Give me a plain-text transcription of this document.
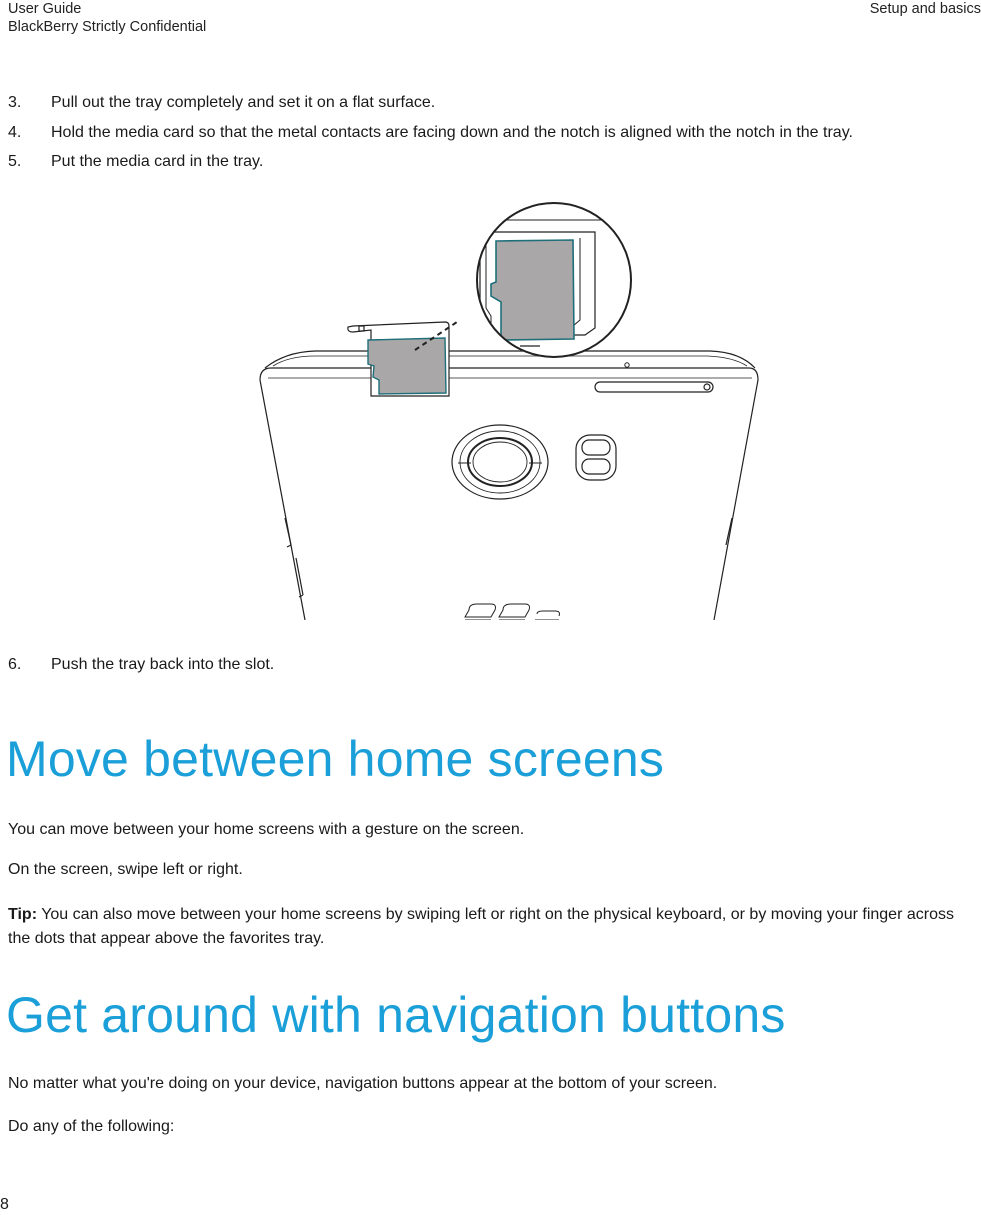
User Guide
BlackBerry Strictly Confidential
Setup and basics
3.	Pull out the tray completely and set it on a flat surface.
4.	Hold the media card so that the metal contacts are facing down and the notch is aligned with the notch in the tray.
5.	Put the media card in the tray.
6.	Push the tray back into the slot.
Move between home screens

You can move between your home screens with a gesture on the screen.

On the screen, swipe left or right.

Tip: You can also move between your home screens by swiping left or right on the physical keyboard, or by moving your finger across the dots that appear above the favorites tray.

Get around with navigation buttons

No matter what you're doing on your device, navigation buttons appear at the bottom of your screen.

Do any of the following:

8
